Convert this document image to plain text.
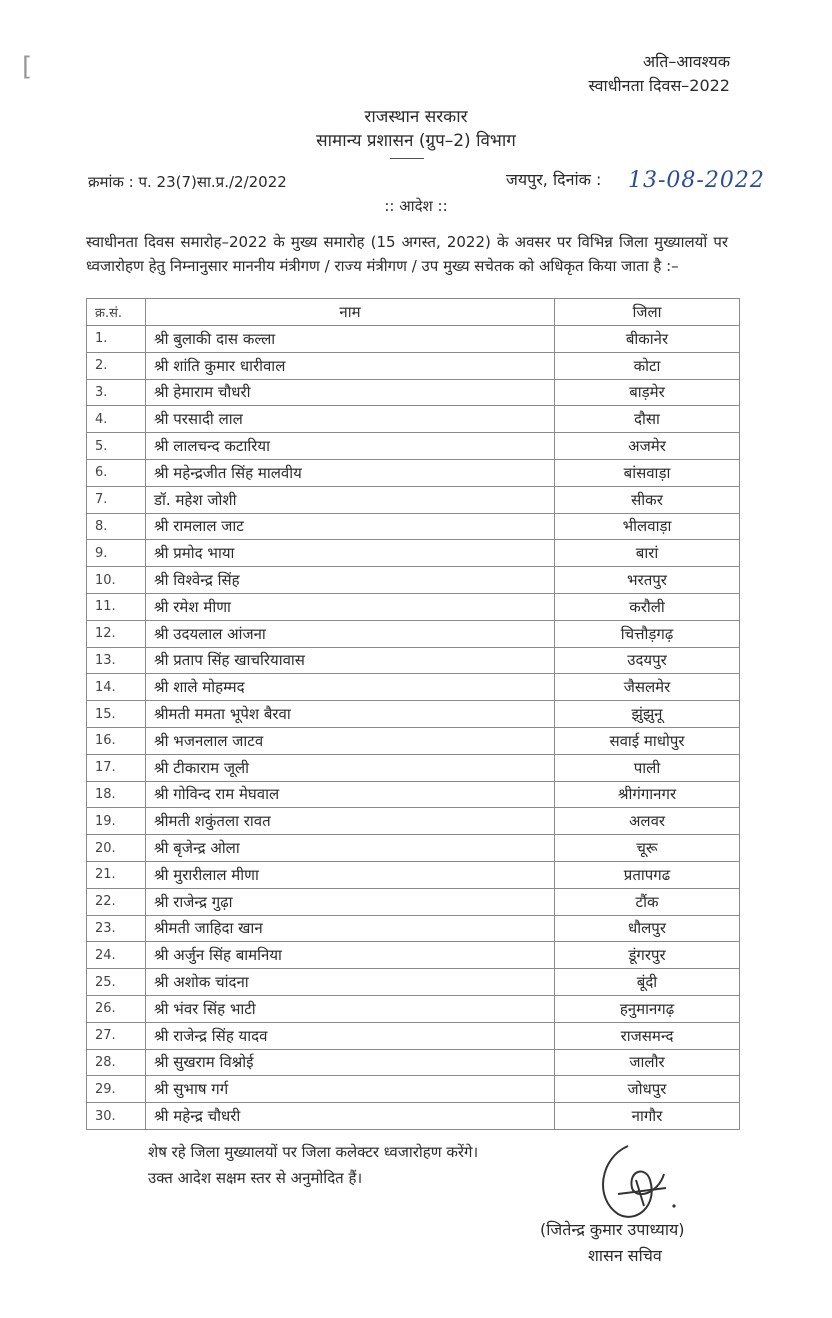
[	अति–आवश्यक
स्वाधीनता दिवस–2022
राजस्थान सरकार
सामान्य प्रशासन (ग्रुप–2) विभाग
क्रमांक : प. 23(7)सा.प्र./2/2022	जयपुर, दिनांक : 13-08-2022
:: आदेश ::
स्वाधीनता दिवस समारोह–2022 के मुख्य समारोह (15 अगस्त, 2022) के अवसर पर विभिन्न जिला मुख्यालयों पर ध्वजारोहण हेतु निम्नानुसार माननीय मंत्रीगण / राज्य मंत्रीगण / उप मुख्य सचेतक को अधिकृत किया जाता है :–
क्र.सं.	नाम	जिला
1.	श्री बुलाकी दास कल्ला	बीकानेर
2.	श्री शांति कुमार धारीवाल	कोटा
3.	श्री हेमाराम चौधरी	बाड़मेर
4.	श्री परसादी लाल	दौसा
5.	श्री लालचन्द कटारिया	अजमेर
6.	श्री महेन्द्रजीत सिंह मालवीय	बांसवाड़ा
7.	डॉ. महेश जोशी	सीकर
8.	श्री रामलाल जाट	भीलवाड़ा
9.	श्री प्रमोद भाया	बारां
10.	श्री विश्वेन्द्र सिंह	भरतपुर
11.	श्री रमेश मीणा	करौली
12.	श्री उदयलाल आंजना	चित्तौड़गढ़
13.	श्री प्रताप सिंह खाचरियावास	उदयपुर
14.	श्री शाले मोहम्मद	जैसलमेर
15.	श्रीमती ममता भूपेश बैरवा	झुंझुनू
16.	श्री भजनलाल जाटव	सवाई माधोपुर
17.	श्री टीकाराम जूली	पाली
18.	श्री गोविन्द राम मेघवाल	श्रीगंगानगर
19.	श्रीमती शकुंतला रावत	अलवर
20.	श्री बृजेन्द्र ओला	चूरू
21.	श्री मुरारीलाल मीणा	प्रतापगढ
22.	श्री राजेन्द्र गुढ़ा	टौंक
23.	श्रीमती जाहिदा खान	धौलपुर
24.	श्री अर्जुन सिंह बामनिया	डूंगरपुर
25.	श्री अशोक चांदना	बूंदी
26.	श्री भंवर सिंह भाटी	हनुमानगढ़
27.	श्री राजेन्द्र सिंह यादव	राजसमन्द
28.	श्री सुखराम विश्नोई	जालौर
29.	श्री सुभाष गर्ग	जोधपुर
30.	श्री महेन्द्र चौधरी	नागौर
शेष रहे जिला मुख्यालयों पर जिला कलेक्टर ध्वजारोहण करेंगे।
उक्त आदेश सक्षम स्तर से अनुमोदित हैं।
(जितेन्द्र कुमार उपाध्याय)
शासन सचिव
